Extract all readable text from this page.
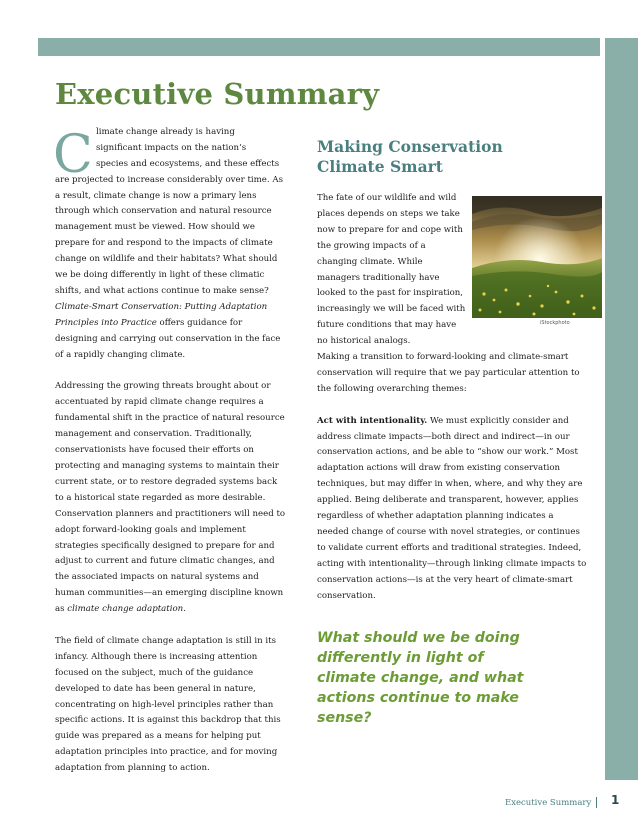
Executive Summary
C limate change already is having
significant impacts on the nation’s
species and ecosystems, and these effects

are projected to increase considerably over time. As a result, climate change is now a primary lens through which conservation and natural resource management must be viewed. How should we prepare for and respond to the impacts of climate change on wildlife and their habitats? What should we be doing differently in light of these climatic shifts, and what actions continue to make sense? Climate-Smart Conservation: Putting Adaptation Principles into Practice offers guidance for designing and carrying out conservation in the face of a rapidly changing climate.

Addressing the growing threats brought about or accentuated by rapid climate change requires a fundamental shift in the practice of natural resource management and conservation. Traditionally, conservationists have focused their efforts on protecting and managing systems to maintain their current state, or to restore degraded systems back to a historical state regarded as more desirable. Conservation planners and practitioners will need to adopt forward-looking goals and implement strategies specifically designed to prepare for and adjust to current and future climatic changes, and the associated impacts on natural systems and human communities—an emerging discipline known as climate change adaptation.

The field of climate change adaptation is still in its infancy. Although there is increasing attention focused on the subject, much of the guidance developed to date has been general in nature, concentrating on high-level principles rather than specific actions. It is against this backdrop that this guide was prepared as a means for helping put adaptation principles into practice, and for moving adaptation from planning to action.

Making Conservation
Climate Smart

The fate of our wildlife and wild places depends on steps we take now to prepare for and cope with the growing impacts of a changing climate. While managers traditionally have looked to the past for inspiration, increasingly we will be faced with future conditions that may have no historical analogs.
Making a transition to forward-looking and climate-smart conservation will require that we pay particular attention to the following overarching themes:

Act with intentionality. We must explicitly consider and address climate impacts—both direct and indirect—in our conservation actions, and be able to “show our work.” Most adaptation actions will draw from existing conservation techniques, but may differ in when, where, and why they are applied. Being deliberate and transparent, however, applies regardless of whether adaptation planning indicates a needed change of course with novel strategies, or continues to validate current efforts and traditional strategies. Indeed, acting with intentionality—through linking climate impacts to conservation actions—is at the very heart of climate-smart conservation.

iStockphoto
What should we be doing differently in light of climate change, and what actions continue to make sense?
Executive Summary	1
